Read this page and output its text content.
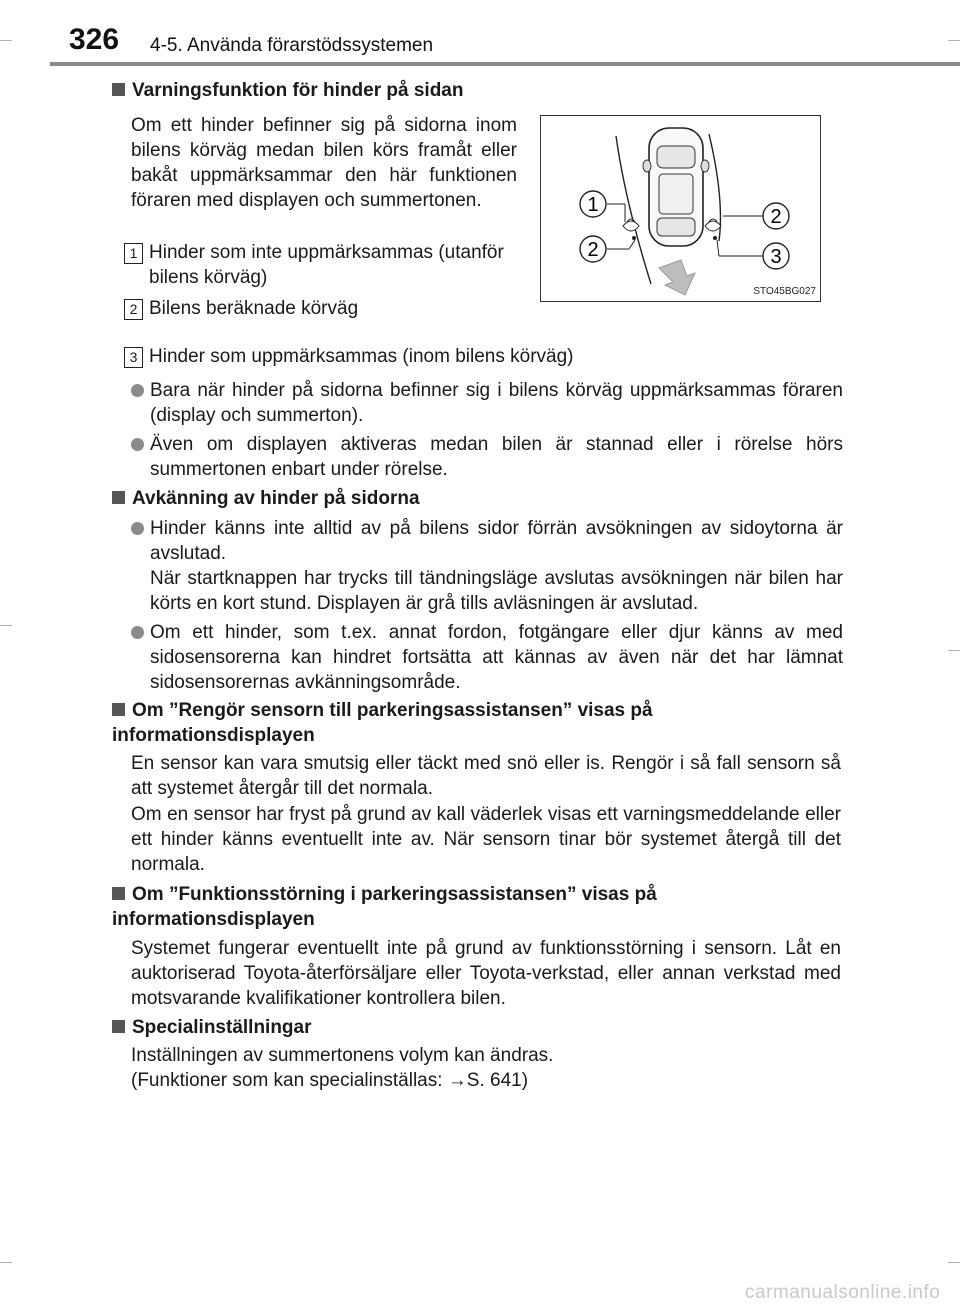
326 4-5. Använda förarstödssystemen
Varningsfunktion för hinder på sidan
Om ett hinder befinner sig på sidorna inom bilens körväg medan bilen körs framåt eller bakåt uppmärksammar den här funktionen föraren med displayen och summertonen.	1
2
2
3
STO45BG027
1 Hinder som inte uppmärksammas (utanför bilens körväg)
2 Bilens beräknade körväg
3 Hinder som uppmärksammas (inom bilens körväg)
Bara när hinder på sidorna befinner sig i bilens körväg uppmärksammas föraren (display och summerton).
Även om displayen aktiveras medan bilen är stannad eller i rörelse hörs summertonen enbart under rörelse.
Avkänning av hinder på sidorna
Hinder känns inte alltid av på bilens sidor förrän avsökningen av sidoytorna är avslutad.
När startknappen har trycks till tändningsläge avslutas avsökningen när bilen har körts en kort stund. Displayen är grå tills avläsningen är avslutad.
Om ett hinder, som t.ex. annat fordon, fotgängare eller djur känns av med sidosensorerna kan hindret fortsätta att kännas av även när det har lämnat sidosensorernas avkänningsområde.
Om ”Rengör sensorn till parkeringsassistansen” visas på informationsdisplayen
En sensor kan vara smutsig eller täckt med snö eller is. Rengör i så fall sensorn så att systemet återgår till det normala.
Om en sensor har fryst på grund av kall väderlek visas ett varningsmeddelande eller ett hinder känns eventuellt inte av. När sensorn tinar bör systemet återgå till det normala.
Om ”Funktionsstörning i parkeringsassistansen” visas på informationsdisplayen
Systemet fungerar eventuellt inte på grund av funktionsstörning i sensorn. Låt en auktoriserad Toyota-återförsäljare eller Toyota-verkstad, eller annan verkstad med motsvarande kvalifikationer kontrollera bilen.
Specialinställningar
Inställningen av summertonens volym kan ändras.
(Funktioner som kan specialinställas: →S. 641)
carmanualsonline.info
